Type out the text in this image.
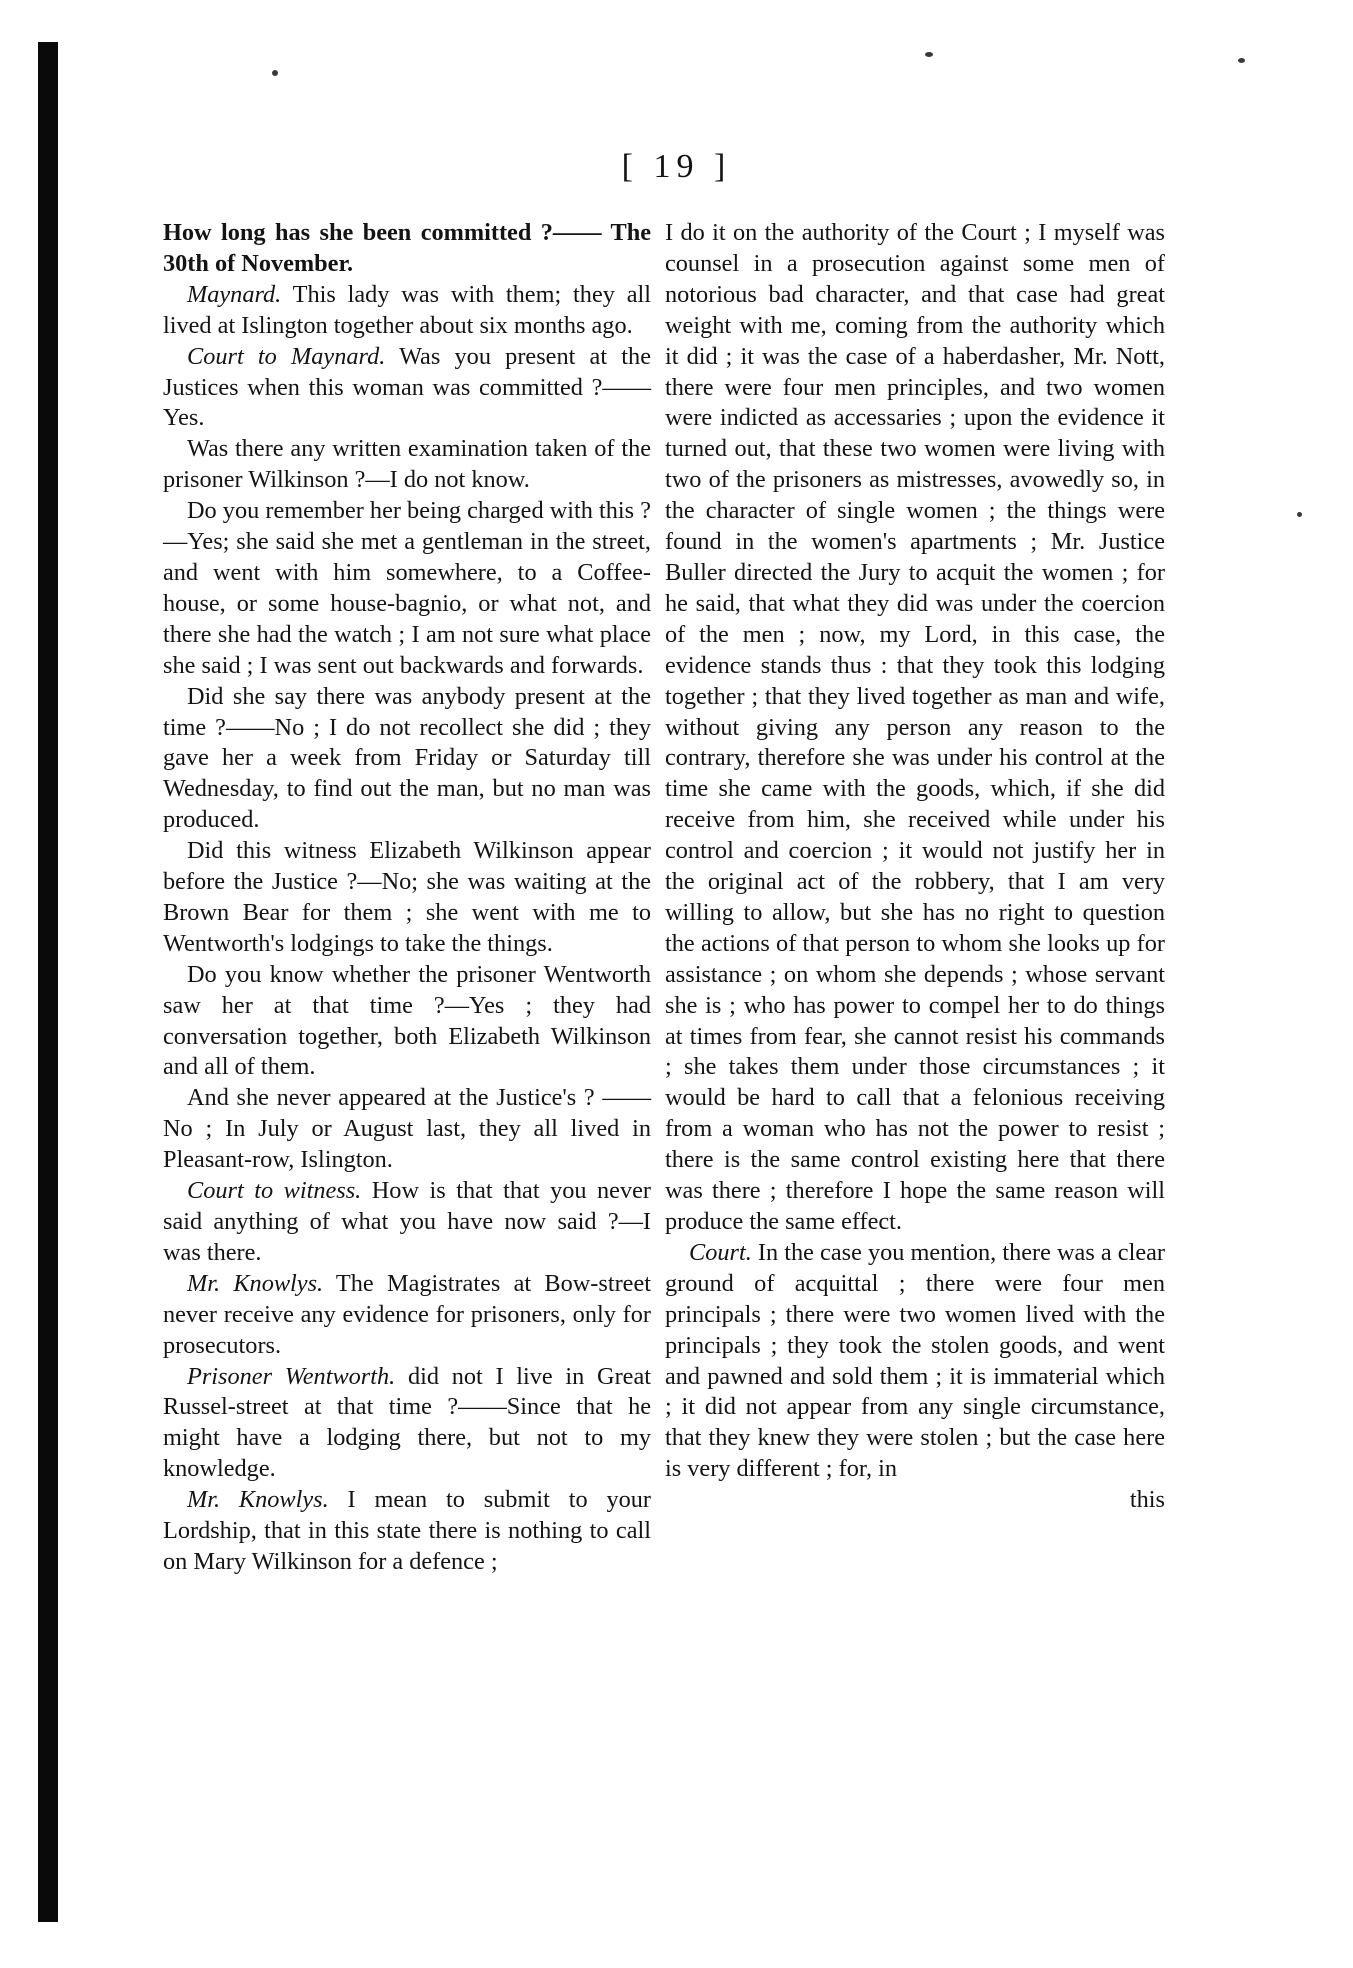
[ 19 ]

How long has she been committed ?—— The 30th of November.

Maynard. This lady was with them; they all lived at Islington together about six months ago.

Court to Maynard. Was you present at the Justices when this woman was committed ?——Yes.

Was there any written examination taken of the prisoner Wilkinson ?—I do not know.

Do you remember her being charged with this ?—Yes; she said she met a gentleman in the street, and went with him somewhere, to a Coffee-house, or some house-bagnio, or what not, and there she had the watch ; I am not sure what place she said ; I was sent out backwards and forwards.

Did she say there was anybody present at the time ?——No ; I do not recollect she did ; they gave her a week from Friday or Saturday till Wednesday, to find out the man, but no man was produced.

Did this witness Elizabeth Wilkinson appear before the Justice ?—No; she was waiting at the Brown Bear for them ; she went with me to Wentworth's lodgings to take the things.

Do you know whether the prisoner Wentworth saw her at that time ?—Yes ; they had conversation together, both Elizabeth Wilkinson and all of them.

And she never appeared at the Justice's ? ——No ; In July or August last, they all lived in Pleasant-row, Islington.

Court to witness. How is that that you never said anything of what you have now said ?—I was there.

Mr. Knowlys. The Magistrates at Bow-street never receive any evidence for prisoners, only for prosecutors.

Prisoner Wentworth. did not I live in Great Russel-street at that time ?——Since that he might have a lodging there, but not to my knowledge.

Mr. Knowlys. I mean to submit to your Lordship, that in this state there is nothing to call on Mary Wilkinson for a defence ;

I do it on the authority of the Court ; I myself was counsel in a prosecution against some men of notorious bad character, and that case had great weight with me, coming from the authority which it did ; it was the case of a haberdasher, Mr. Nott, there were four men principles, and two women were indicted as accessaries ; upon the evidence it turned out, that these two women were living with two of the prisoners as mistresses, avowedly so, in the character of single women ; the things were found in the women's apartments ; Mr. Justice Buller directed the Jury to acquit the women ; for he said, that what they did was under the coercion of the men ; now, my Lord, in this case, the evidence stands thus : that they took this lodging together ; that they lived together as man and wife, without giving any person any reason to the contrary, therefore she was under his control at the time she came with the goods, which, if she did receive from him, she received while under his control and coercion ; it would not justify her in the original act of the robbery, that I am very willing to allow, but she has no right to question the actions of that person to whom she looks up for assistance ; on whom she depends ; whose servant she is ; who has power to compel her to do things at times from fear, she cannot resist his commands ; she takes them under those circumstances ; it would be hard to call that a felonious receiving from a woman who has not the power to resist ; there is the same control existing here that there was there ; therefore I hope the same reason will produce the same effect.

Court. In the case you mention, there was a clear ground of acquittal ; there were four men principals ; there were two women lived with the principals ; they took the stolen goods, and went and pawned and sold them ; it is immaterial which ; it did not appear from any single circumstance, that they knew they were stolen ; but the case here is very different ; for, in

this
